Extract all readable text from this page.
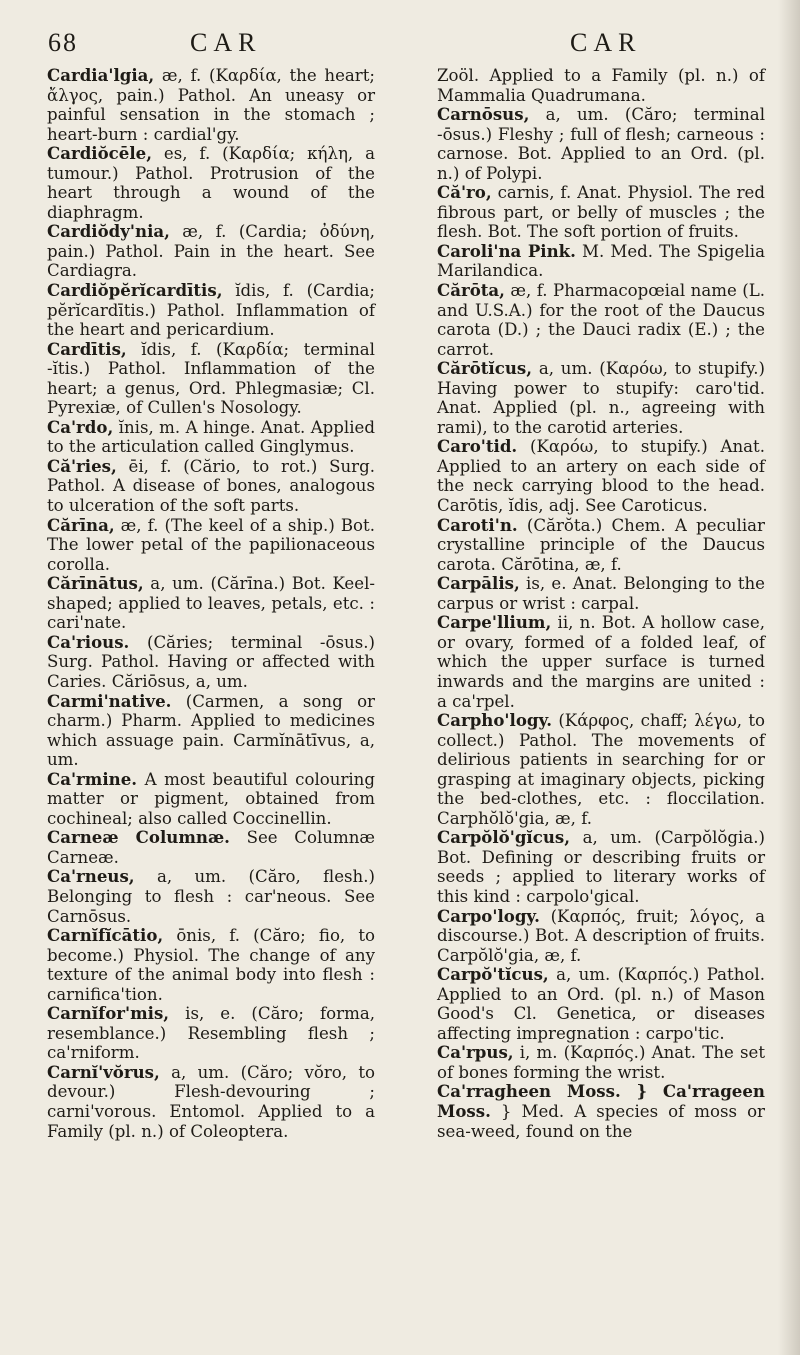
68	CAR	CAR

Cardia'lgia, æ, f. (Καρδία, the heart; ἄλγος, pain.) Pathol. An uneasy or painful sensation in the stomach ; heart-burn : cardial'gy.

Cardiŏcēle, es, f. (Καρδία; κήλη, a tumour.) Pathol. Protrusion of the heart through a wound of the diaphragm.

Cardiŏdy'nia, æ, f. (Cardia; ὀδύνη, pain.) Pathol. Pain in the heart. See Cardiagra.

Cardiŏpĕrĭcardītis, ĭdis, f. (Cardia; pĕrĭcardītis.) Pathol. Inflammation of the heart and pericardium.

Cardītis, ĭdis, f. (Καρδία; terminal -ĭtis.) Pathol. Inflammation of the heart; a genus, Ord. Phlegmasiæ; Cl. Pyrexiæ, of Cullen's Nosology.

Ca'rdo, ĭnis, m. A hinge. Anat. Applied to the articulation called Ginglymus.

Că'ries, ēi, f. (Cărio, to rot.) Surg. Pathol. A disease of bones, analogous to ulceration of the soft parts.

Cărīna, æ, f. (The keel of a ship.) Bot. The lower petal of the papilionaceous corolla.

Cărīnātus, a, um. (Cărīna.) Bot. Keel-shaped; applied to leaves, petals, etc. : cari'nate.

Ca'rious. (Căries; terminal -ōsus.) Surg. Pathol. Having or affected with Caries. Căriōsus, a, um.

Carmi'native. (Carmen, a song or charm.) Pharm. Applied to medicines which assuage pain. Carmĭnātīvus, a, um.

Ca'rmine. A most beautiful colouring matter or pigment, obtained from cochineal; also called Coccinellin.

Carneæ Columnæ. See Columnæ Carneæ.

Ca'rneus, a, um. (Căro, flesh.) Belonging to flesh : car'neous. See Carnōsus.

Carnĭfĭcātio, ōnis, f. (Căro; fio, to become.) Physiol. The change of any texture of the animal body into flesh : carnifica'tion.

Carnĭfor'mis, is, e. (Căro; forma, resemblance.) Resembling flesh ; ca'rniform.

Carnĭ'vŏrus, a, um. (Căro; vŏro, to devour.) Flesh-devouring ; carni'vorous. Entomol. Applied to a Family (pl. n.) of Coleoptera.

Zoöl. Applied to a Family (pl. n.) of Mammalia Quadrumana.

Carnōsus, a, um. (Căro; terminal -ōsus.) Fleshy ; full of flesh; carneous : carnose. Bot. Applied to an Ord. (pl. n.) of Polypi.

Că'ro, carnis, f. Anat. Physiol. The red fibrous part, or belly of muscles ; the flesh. Bot. The soft portion of fruits.

Caroli'na Pink. M. Med. The Spigelia Marilandica.

Cărōta, æ, f. Pharmacopœial name (L. and U.S.A.) for the root of the Daucus carota (D.) ; the Dauci radix (E.) ; the carrot.

Cărōtĭcus, a, um. (Καρόω, to stupify.) Having power to stupify: caro'tid. Anat. Applied (pl. n., agreeing with rami), to the carotid arteries.

Caro'tid. (Καρόω, to stupify.) Anat. Applied to an artery on each side of the neck carrying blood to the head. Carōtis, ĭdis, adj. See Caroticus.

Caroti'n. (Cărŏta.) Chem. A peculiar crystalline principle of the Daucus carota. Cărōtina, æ, f.

Carpālis, is, e. Anat. Belonging to the carpus or wrist : carpal.

Carpe'llium, ii, n. Bot. A hollow case, or ovary, formed of a folded leaf, of which the upper surface is turned inwards and the margins are united : a ca'rpel.

Carpho'logy. (Κάρφος, chaff; λέγω, to collect.) Pathol. The movements of delirious patients in searching for or grasping at imaginary objects, picking the bed-clothes, etc. : floccilation. Carphŏlŏ'gia, æ, f.

Carpŏlŏ'gĭcus, a, um. (Carpŏlŏgia.) Bot. Defining or describing fruits or seeds ; applied to literary works of this kind : carpolo'gical.

Carpo'logy. (Καρπός, fruit; λόγος, a discourse.) Bot. A description of fruits. Carpŏlŏ'gia, æ, f.

Carpŏ'tĭcus, a, um. (Καρπός.) Pathol. Applied to an Ord. (pl. n.) of Mason Good's Cl. Genetica, or diseases affecting impregnation : carpo'tic.

Ca'rpus, i, m. (Καρπός.) Anat. The set of bones forming the wrist.

Ca'rragheen Moss. } Ca'rrageen Moss. } Med. A species of moss or sea-weed, found on the
